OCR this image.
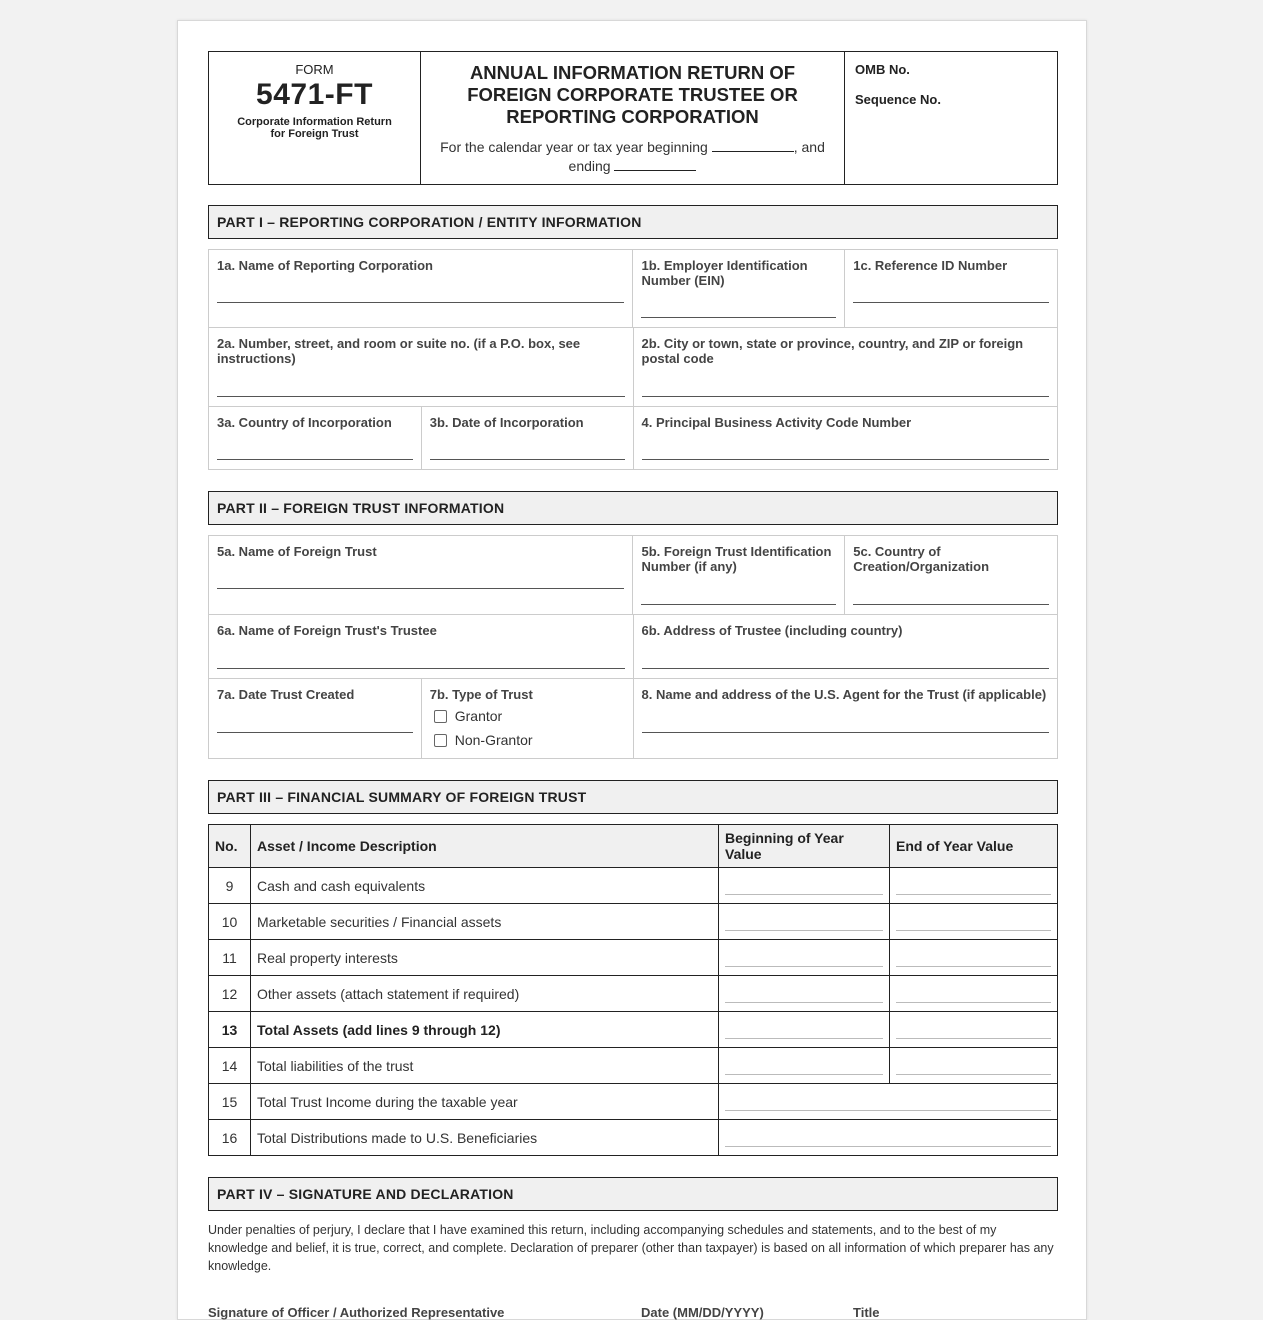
FORM
5471-FT
Corporate Information Return for Foreign Trust
ANNUAL INFORMATION RETURN OF
FOREIGN CORPORATE TRUSTEE OR
REPORTING CORPORATION
For the calendar year or tax year beginning	, and
ending
OMB No.
Sequence No.
PART I – REPORTING CORPORATION / ENTITY INFORMATION
1a. Name of Reporting Corporation	1b. Employer Identification Number (EIN)
1c. Reference ID Number
2a. Number, street, and room or suite no. (if a P.O. box, see instructions)
2b. City or town, state or province, country, and ZIP or foreign postal code
3a. Country of Incorporation	3b. Date of Incorporation	4. Principal Business Activity Code Number
PART II – FOREIGN TRUST INFORMATION
5a. Name of Foreign Trust	5b. Foreign Trust Identification Number (if any)
5c. Country of Creation/Organization
6a. Name of Foreign Trust's Trustee	6b. Address of Trustee (including country)
7a. Date Trust Created	7b. Type of Trust
Grantor
Non-Grantor
8. Name and address of the U.S. Agent for the Trust (if applicable)
PART III – FINANCIAL SUMMARY OF FOREIGN TRUST
No.	Asset / Income Description	Beginning of Year Value	End of Year Value
9	Cash and cash equivalents	

10	Marketable securities / Financial assets	

11	Real property interests	

12	Other assets (attach statement if required)	

13	Total Assets (add lines 9 through 12)	

14	Total liabilities of the trust	

15	Total Trust Income during the taxable year		

16	Total Distributions made to U.S. Beneficiaries		
PART IV – SIGNATURE AND DECLARATION
Under penalties of perjury, I declare that I have examined this return, including accompanying schedules and statements, and to the best of my knowledge and belief, it is true, correct, and complete. Declaration of preparer (other than taxpayer) is based on all information of which preparer has any knowledge.
Signature of Officer / Authorized Representative	Date (MM/DD/YYYY)	Title
